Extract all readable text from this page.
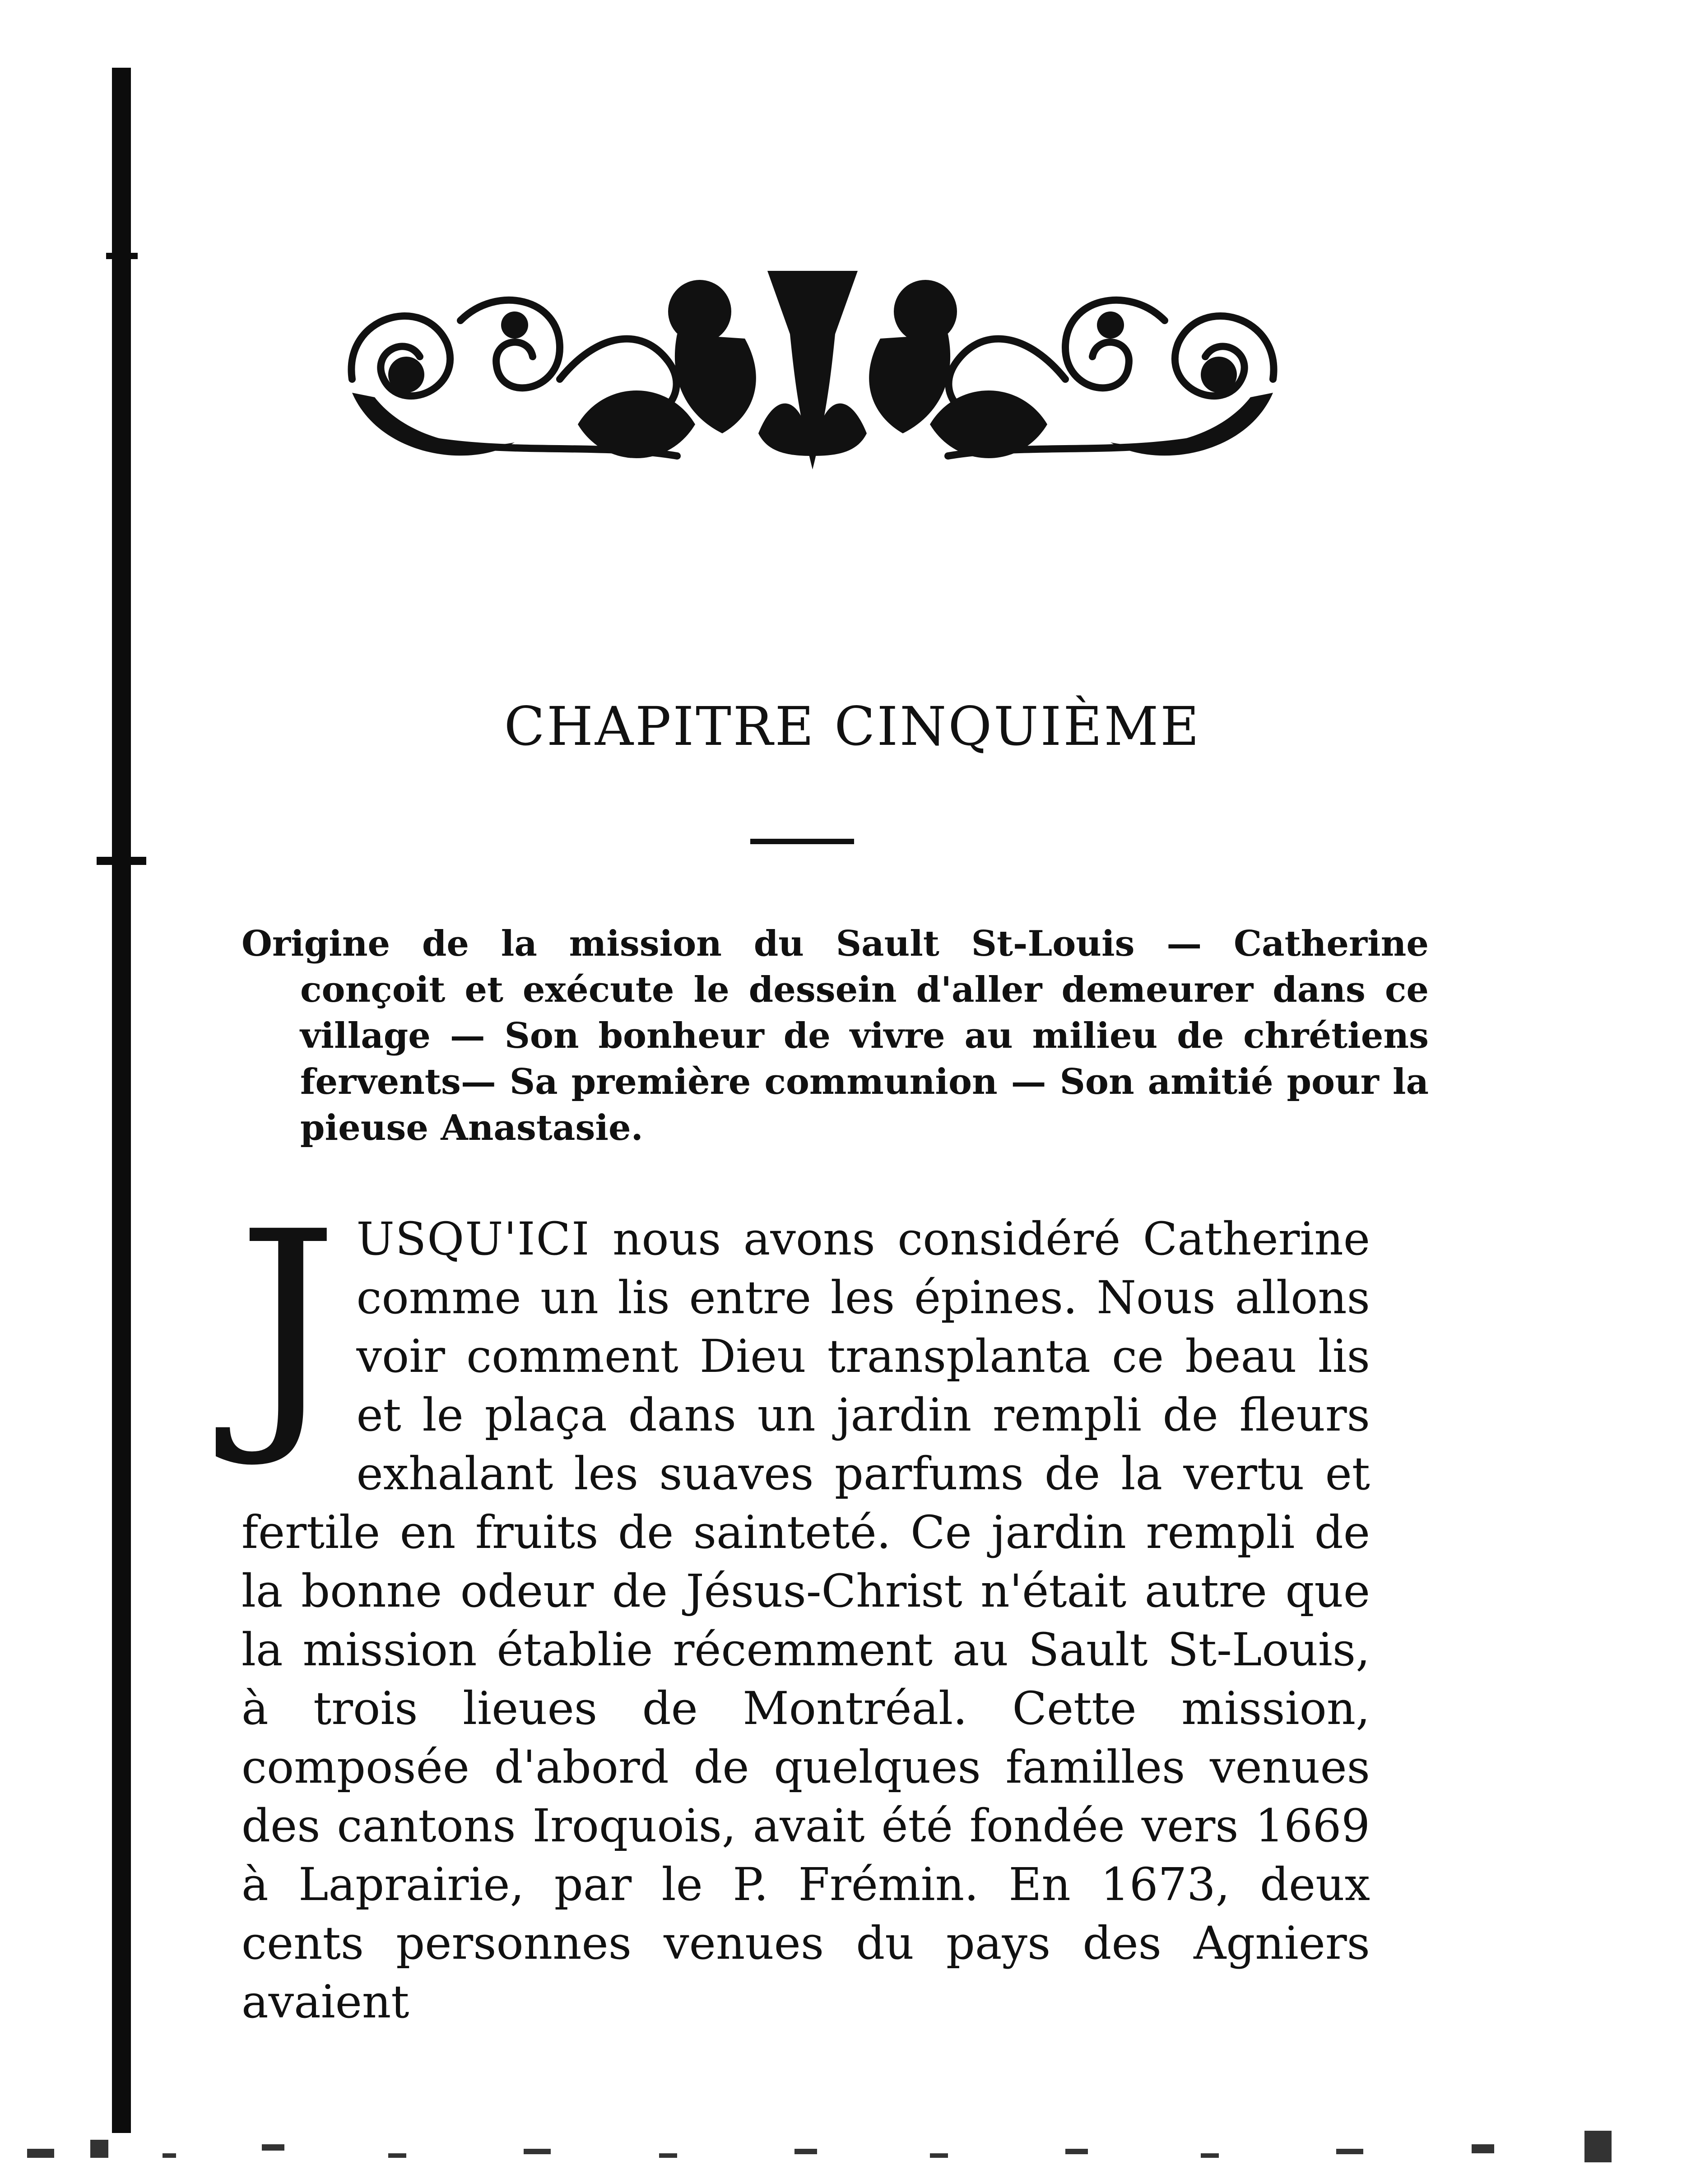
CHAPITRE CINQUIÈME

Origine de la mission du Sault St-Louis — Catherine conçoit et exécute le dessein d'aller demeurer dans ce village — Son bonheur de vivre au milieu de chrétiens fervents— Sa première communion — Son amitié pour la pieuse Anastasie.

JUSQU'ICI nous avons considéré Catherine comme un lis entre les épines. Nous allons voir comment Dieu transplanta ce beau lis et le plaça dans un jardin rempli de fleurs exhalant les suaves parfums de la vertu et fertile en fruits de sainteté. Ce jardin rempli de la bonne odeur de Jésus-Christ n'était autre que la mission établie récemment au Sault St-Louis, à trois lieues de Montréal. Cette mission, composée d'abord de quelques familles venues des cantons Iroquois, avait été fondée vers 1669 à Laprairie, par le P. Frémin. En 1673, deux cents personnes venues du pays des Agniers avaient
